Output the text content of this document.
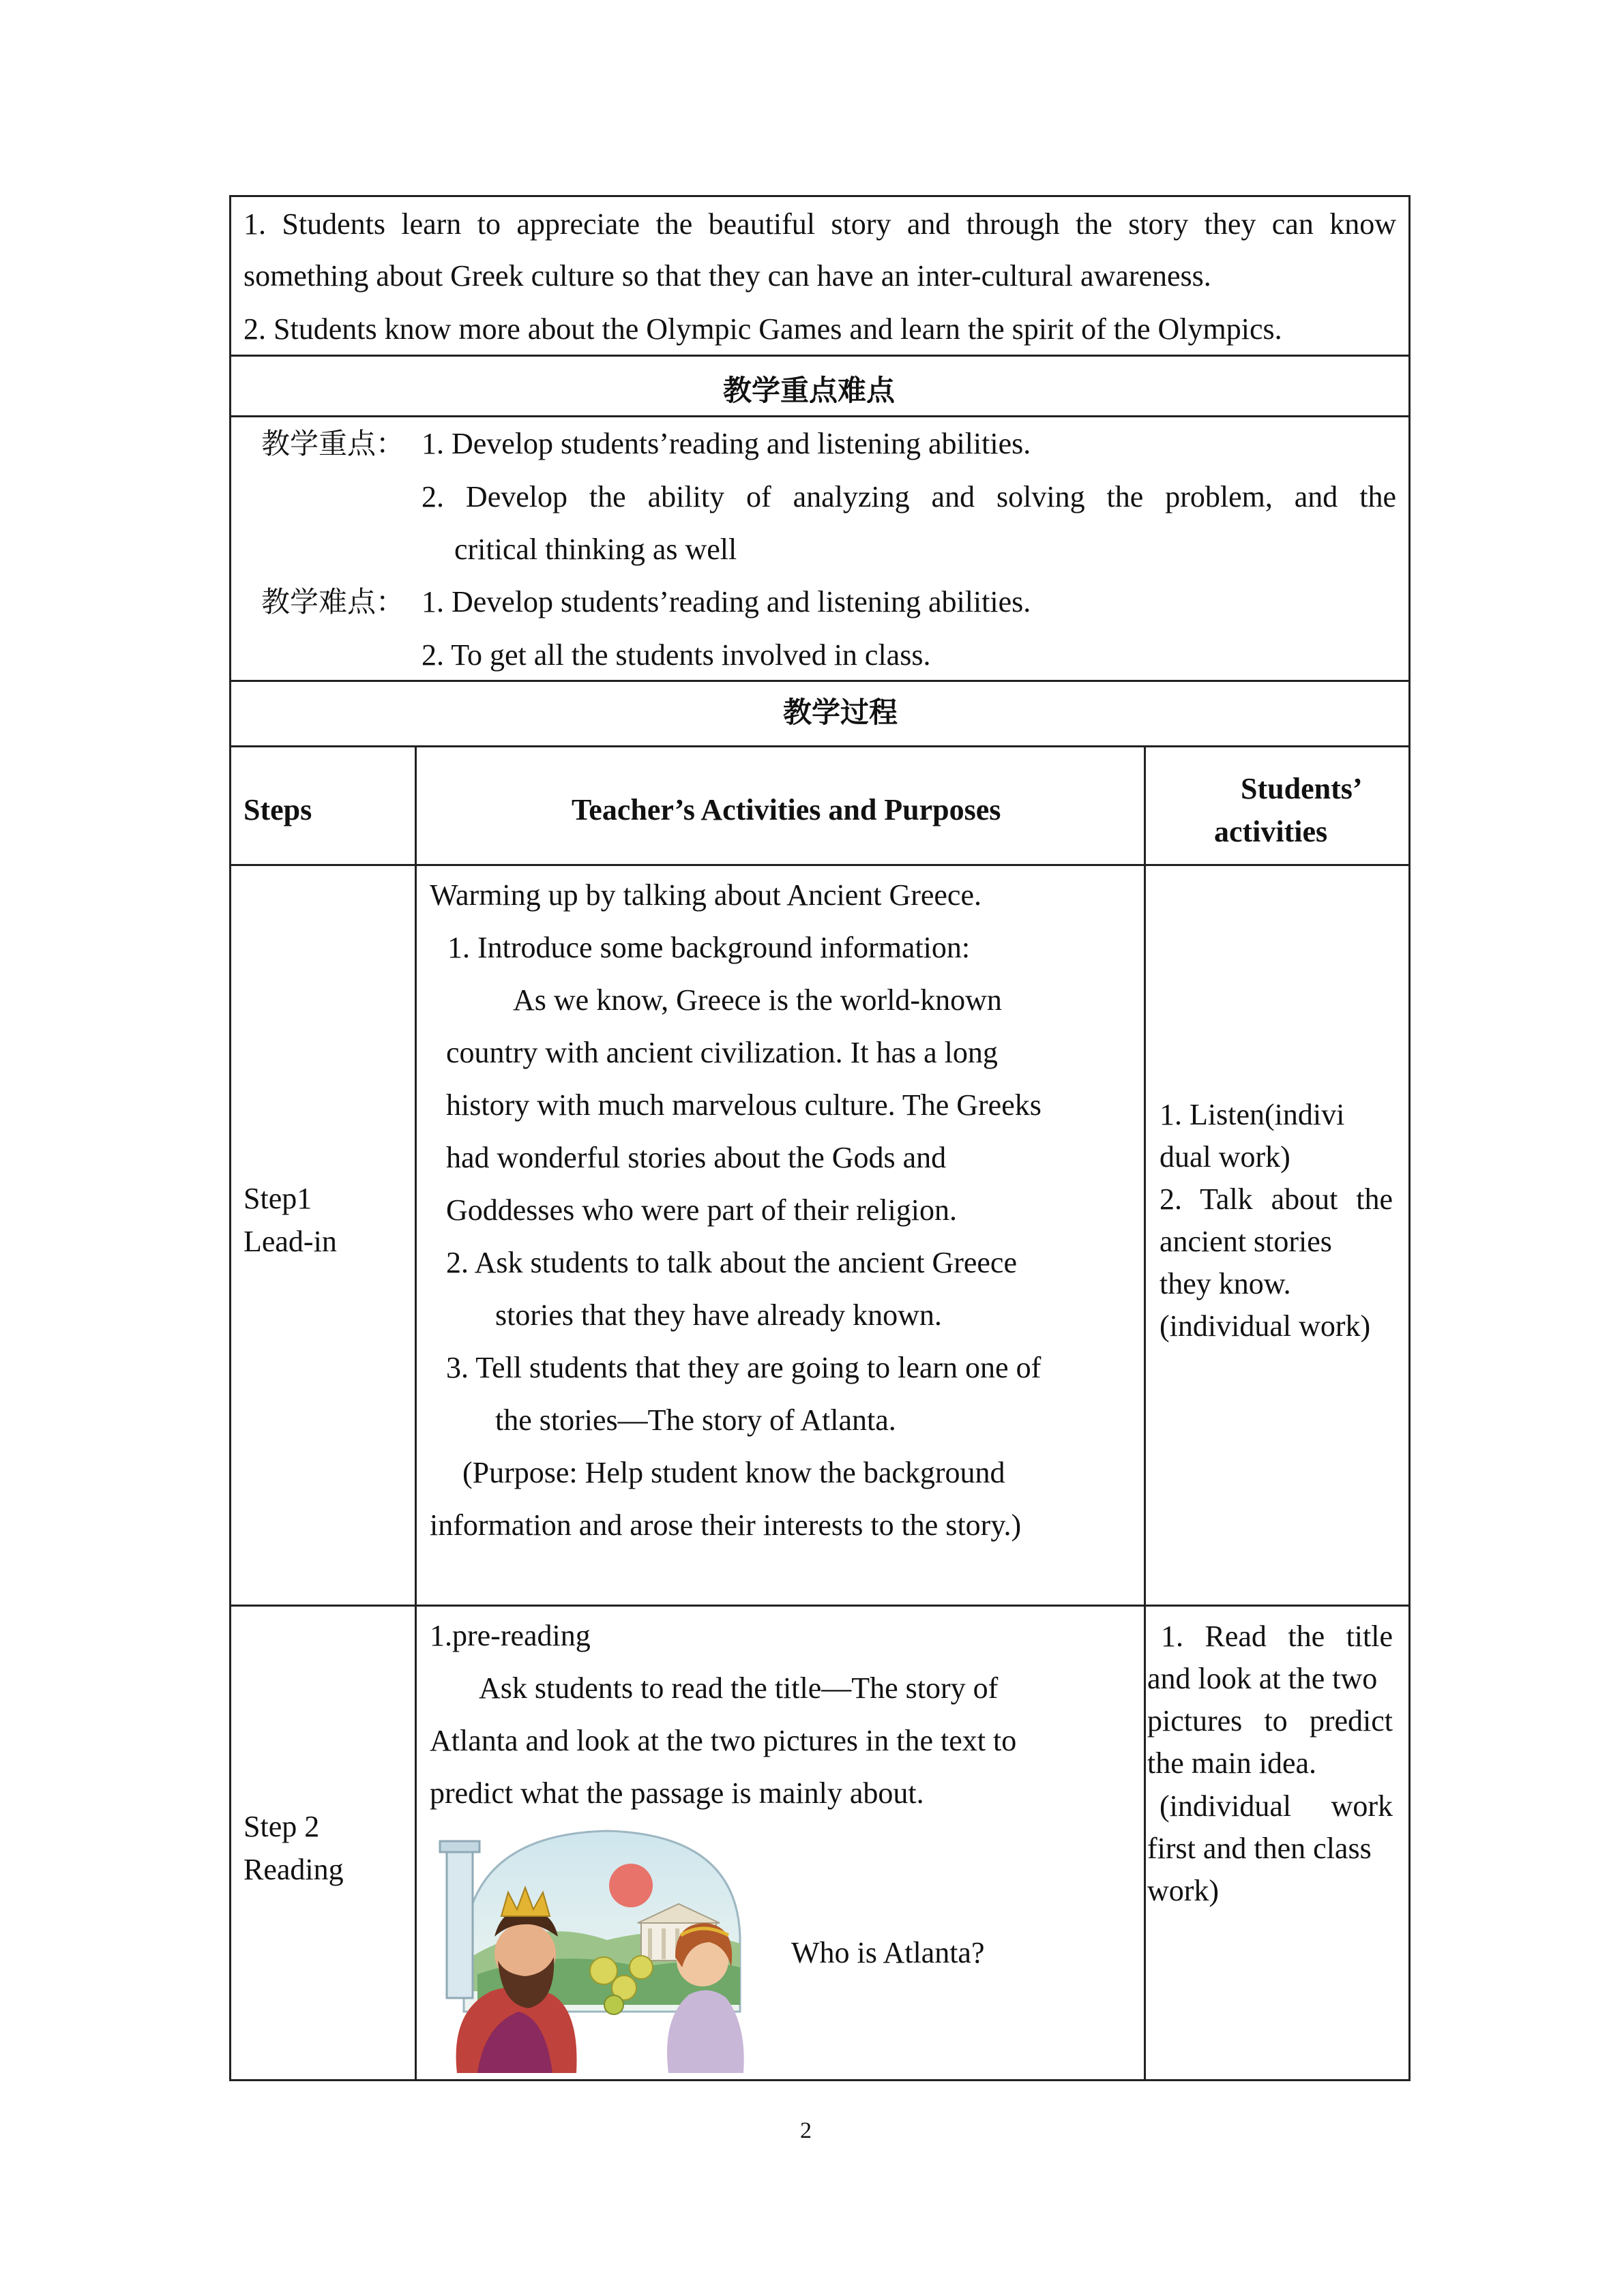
1. Students learn to appreciate the beautiful story and through the story they can know
something about Greek culture so that they can have an inter-cultural awareness.
2. Students know more about the Olympic Games and learn the spirit of the Olympics.
教学重点难点
教学重点： 1. Develop students’reading and listening abilities.
2. Develop the ability of analyzing and solving the problem, and the
critical thinking as well
教学难点： 1. Develop students’reading and listening abilities.
2. To get all the students involved in class.
教学过程
Steps	Teacher’s Activities and Purposes
Students’
activities
Step1
Lead-in
Warming up by talking about Ancient Greece.
1. Introduce some background information:
As we know, Greece is the world-known
country with ancient civilization. It has a long
history with much marvelous culture. The Greeks
had wonderful stories about the Gods and
Goddesses who were part of their religion.
2. Ask students to talk about the ancient Greece
stories that they have already known.
3. Tell students that they are going to learn one of
the stories—The story of Atlanta.
(Purpose: Help student know the background
information and arose their interests to the story.)
1. Listen(indivi
dual work)
2. Talk about the
ancient stories
they know.
(individual work)
Step 2
Reading
1.pre-reading
Ask students to read the title—The story of
Atlanta and look at the two pictures in the text to
predict what the passage is mainly about.
Who is Atlanta?
1. Read the title
and look at the two
pictures to predict
the main idea.
(individual work
first and then class
work)
2
